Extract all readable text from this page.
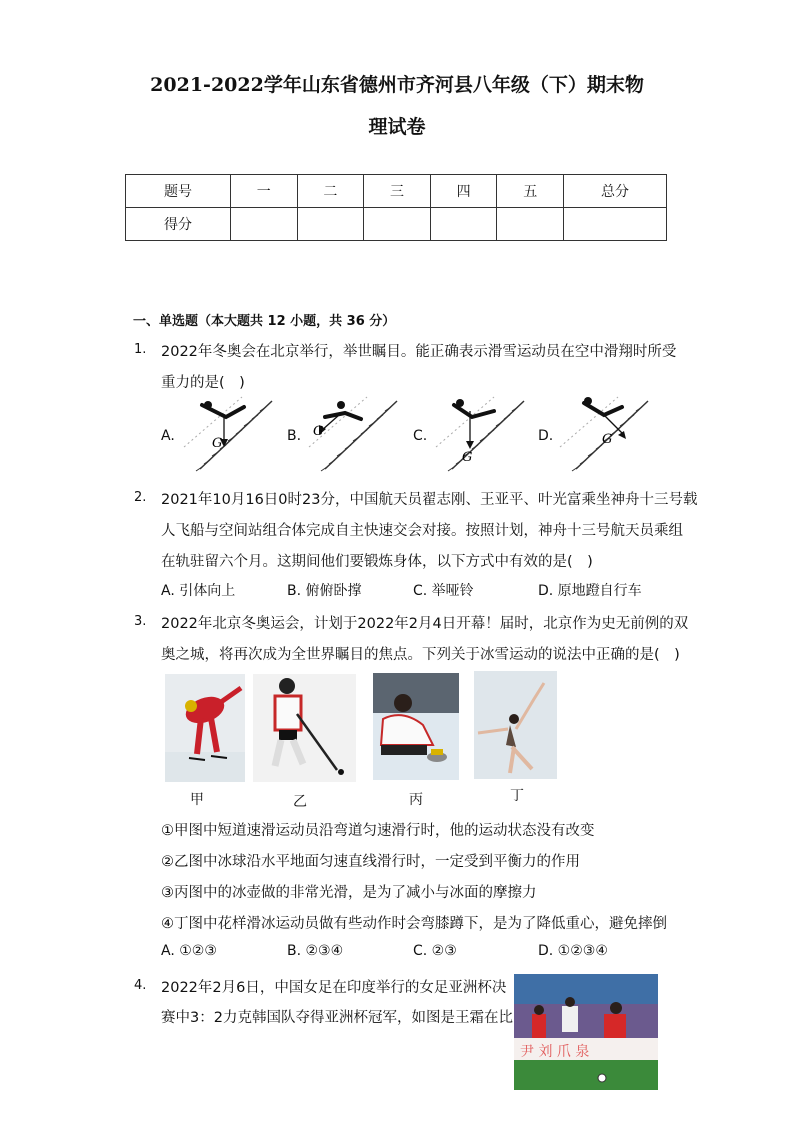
2021-2022学年山东省德州市齐河县八年级（下）期末物
理试卷
题号	一	二	三	四	五	总分
得分						
一、单选题（本大题共 12 小题，共 36 分）
1. 2022年冬奥会在北京举行，举世瞩目。能正确表示滑雪运动员在空中滑翔时所受
重力的是(　)
A.	B.	C.	D.
G
G
G
G
2. 2021年10月16日0时23分，中国航天员翟志刚、王亚平、叶光富乘坐神舟十三号载
人飞船与空间站组合体完成自主快速交会对接。按照计划，神舟十三号航天员乘组
在轨驻留六个月。这期间他们要锻炼身体，以下方式中有效的是(　)
A. 引体向上	B. 俯俯卧撑	C. 举哑铃	D. 原地蹬自行车
3. 2022年北京冬奥运会，计划于2022年2月4日开幕！届时，北京作为史无前例的双
奥之城，将再次成为全世界瞩目的焦点。下列关于冰雪运动的说法中正确的是(　)
甲	乙	丙	丁
①甲图中短道速滑运动员沿弯道匀速滑行时，他的运动状态没有改变
②乙图中冰球沿水平地面匀速直线滑行时，一定受到平衡力的作用
③丙图中的冰壶做的非常光滑，是为了减小与冰面的摩擦力
④丁图中花样滑冰运动员做有些动作时会弯膝蹲下，是为了降低重心，避免摔倒
A. ①②③	B. ②③④	C. ②③	D. ①②③④
4. 2022年2月6日，中国女足在印度举行的女足亚洲杯决
赛中3：2力克韩国队夺得亚洲杯冠军，如图是王霜在比
尹 刘 爪 泉
